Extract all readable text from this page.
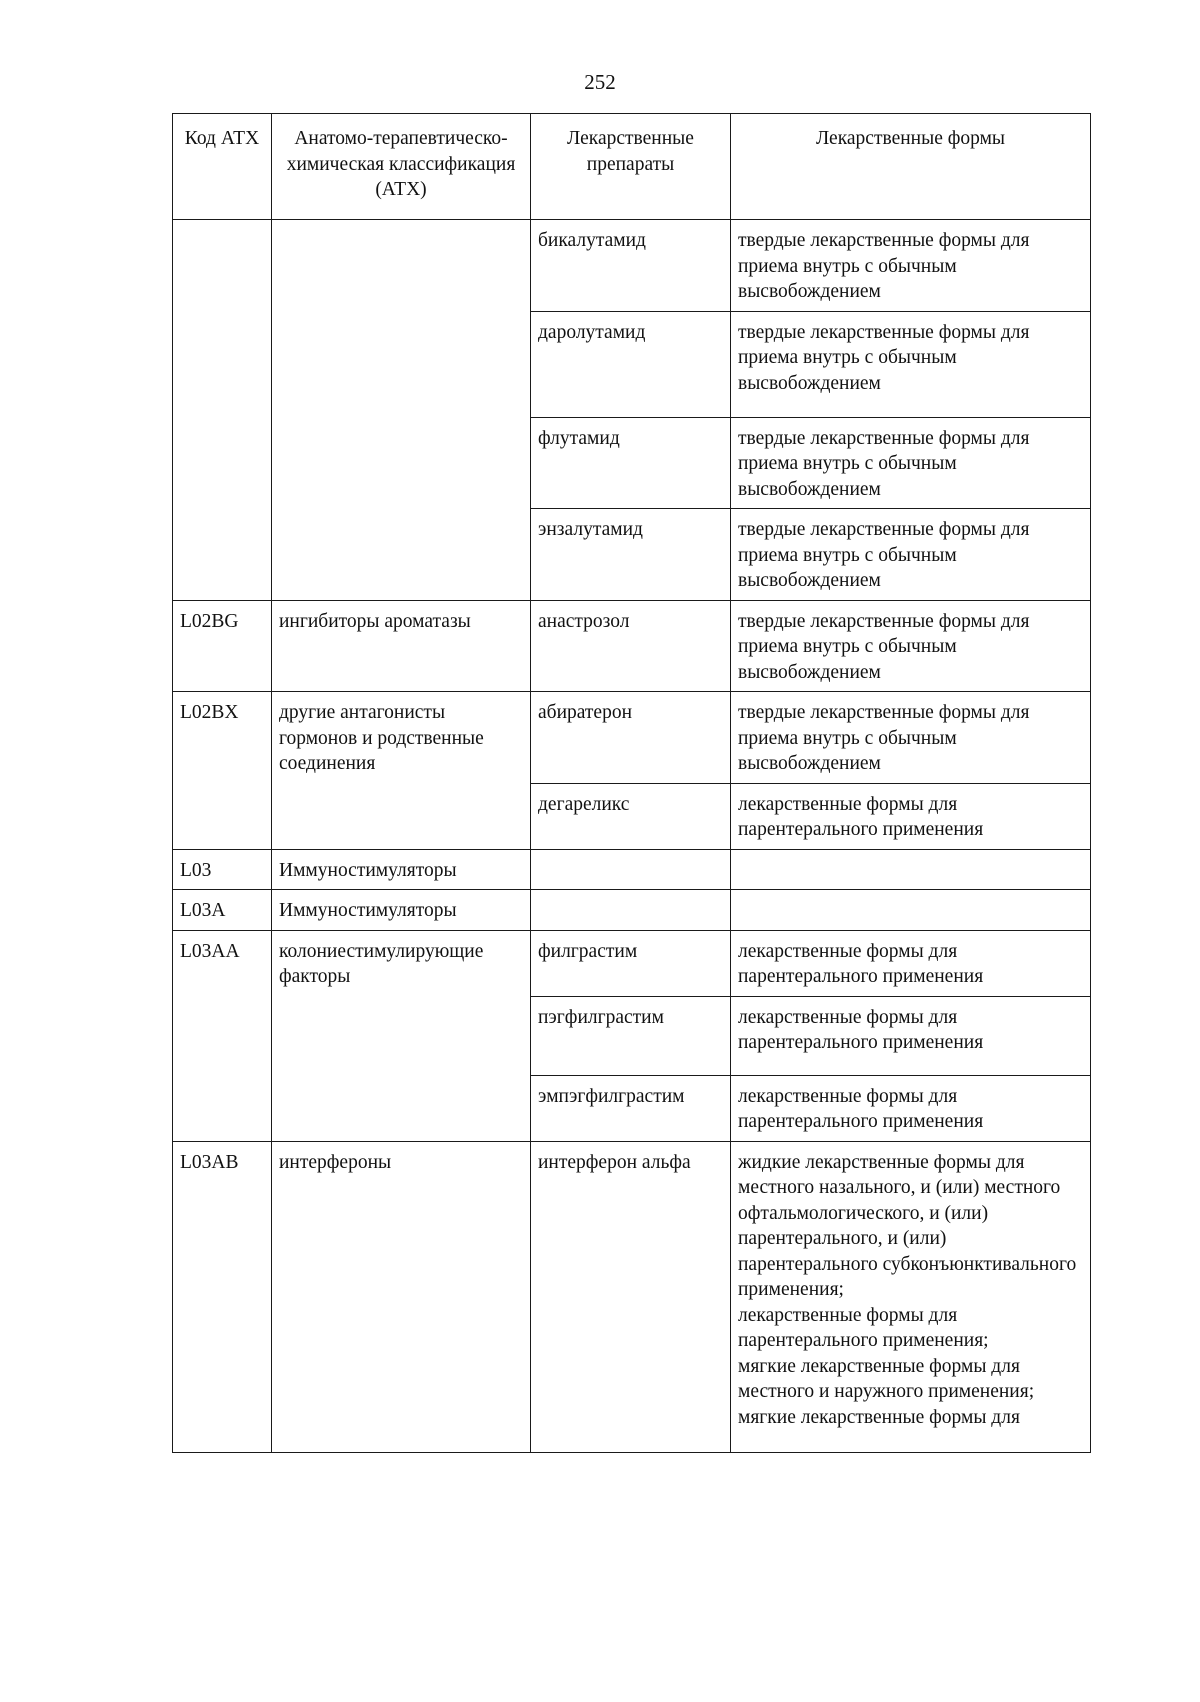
252
Код АТХ	Анатомо-терапевтическо-химическая классификация (АТХ)	Лекарственные препараты	Лекарственные формы
		бикалутамид	твердые лекарственные формы для приема внутрь с обычным высвобождением
		даролутамид	твердые лекарственные формы для приема внутрь с обычным высвобождением
		флутамид	твердые лекарственные формы для приема внутрь с обычным высвобождением
		энзалутамид	твердые лекарственные формы для приема внутрь с обычным высвобождением
L02BG	ингибиторы ароматазы	анастрозол	твердые лекарственные формы для приема внутрь с обычным высвобождением
L02BX	другие антагонисты гормонов и родственные соединения	абиратерон	твердые лекарственные формы для приема внутрь с обычным высвобождением
		дегареликс	лекарственные формы для парентерального применения
L03	Иммуностимуляторы		
L03A	Иммуностимуляторы		
L03AA	колониестимулирующие факторы	филграстим	лекарственные формы для парентерального применения
		пэгфилграстим	лекарственные формы для парентерального применения
		эмпэгфилграстим	лекарственные формы для парентерального применения
L03AB	интерфероны	интерферон альфа	жидкие лекарственные формы для местного назального, и (или) местного офтальмологического, и (или) парентерального, и (или) парентерального субконъюнктивального применения;
лекарственные формы для парентерального применения;
мягкие лекарственные формы для местного и наружного применения;
мягкие лекарственные формы для
